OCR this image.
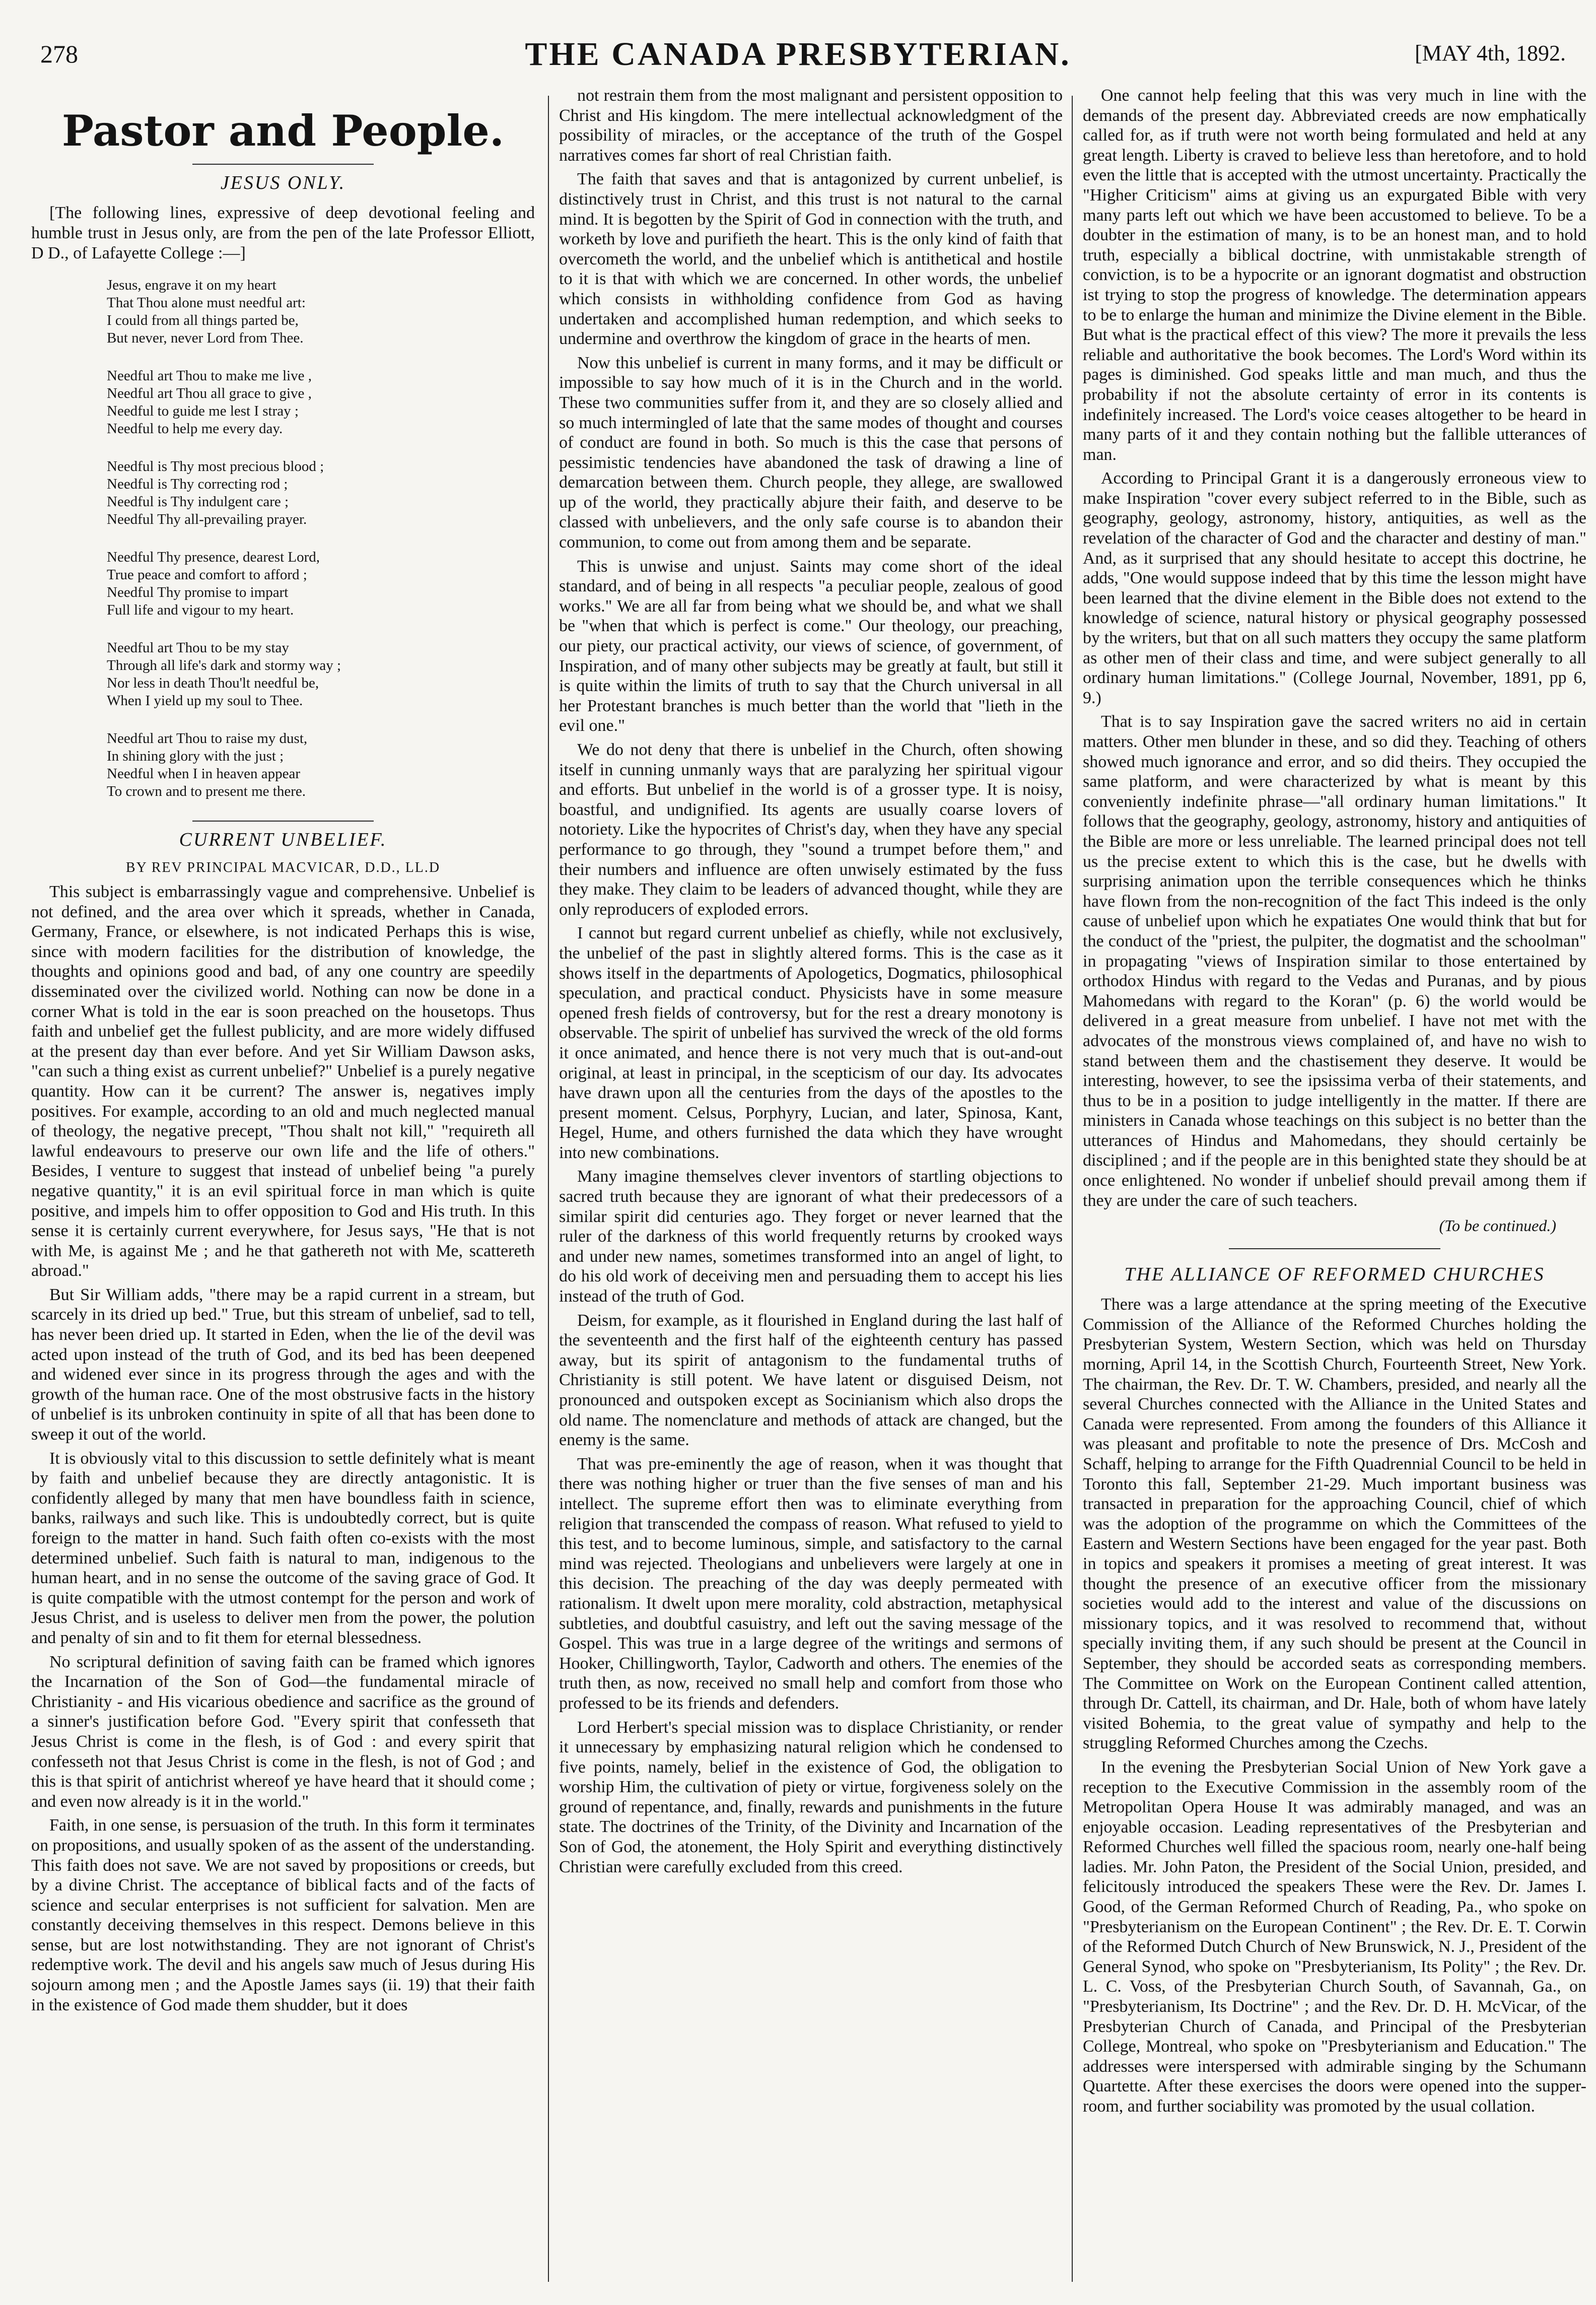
278	THE CANADA PRESBYTERIAN.	[MAY 4th, 1892.
Pastor and People.
JESUS ONLY.
[The following lines, expressive of deep devotional feeling and humble trust in Jesus only, are from the pen of the late Professor Elliott, D D., of Lafayette College :—]
Jesus, engrave it on my heart
That Thou alone must needful art:
I could from all things parted be,
But never, never Lord from Thee.
Needful art Thou to make me live ,
Needful art Thou all grace to give ,
Needful to guide me lest I stray ;
Needful to help me every day.
Needful is Thy most precious blood ;
Needful is Thy correcting rod ;
Needful is Thy indulgent care ;
Needful Thy all-prevailing prayer.
Needful Thy presence, dearest Lord,
True peace and comfort to afford ;
Needful Thy promise to impart
Full life and vigour to my heart.
Needful art Thou to be my stay
Through all life's dark and stormy way ;
Nor less in death Thou'lt needful be,
When I yield up my soul to Thee.
Needful art Thou to raise my dust,
In shining glory with the just ;
Needful when I in heaven appear
To crown and to present me there.
CURRENT UNBELIEF.
BY REV PRINCIPAL MACVICAR, D.D., LL.D

This subject is embarrassingly vague and comprehensive. Unbelief is not defined, and the area over which it spreads, whether in Canada, Germany, France, or elsewhere, is not indicated Perhaps this is wise, since with modern facilities for the distribution of knowledge, the thoughts and opinions good and bad, of any one country are speedily disseminated over the civilized world. Nothing can now be done in a corner What is told in the ear is soon preached on the housetops. Thus faith and unbelief get the fullest publicity, and are more widely diffused at the present day than ever before. And yet Sir William Dawson asks, "can such a thing exist as current unbelief?" Unbelief is a purely negative quantity. How can it be current? The answer is, negatives imply positives. For example, according to an old and much neglected manual of theology, the negative precept, "Thou shalt not kill," "requireth all lawful endeavours to preserve our own life and the life of others." Besides, I venture to suggest that instead of unbelief being "a purely negative quantity," it is an evil spiritual force in man which is quite positive, and impels him to offer opposition to God and His truth. In this sense it is certainly current everywhere, for Jesus says, "He that is not with Me, is against Me ; and he that gathereth not with Me, scattereth abroad."

But Sir William adds, "there may be a rapid current in a stream, but scarcely in its dried up bed." True, but this stream of unbelief, sad to tell, has never been dried up. It started in Eden, when the lie of the devil was acted upon instead of the truth of God, and its bed has been deepened and widened ever since in its progress through the ages and with the growth of the human race. One of the most obstrusive facts in the history of unbelief is its unbroken continuity in spite of all that has been done to sweep it out of the world.

It is obviously vital to this discussion to settle definitely what is meant by faith and unbelief because they are directly antagonistic. It is confidently alleged by many that men have boundless faith in science, banks, railways and such like. This is undoubtedly correct, but is quite foreign to the matter in hand. Such faith often co-exists with the most determined unbelief. Such faith is natural to man, indigenous to the human heart, and in no sense the outcome of the saving grace of God. It is quite compatible with the utmost contempt for the person and work of Jesus Christ, and is useless to deliver men from the power, the polution and penalty of sin and to fit them for eternal blessedness.

No scriptural definition of saving faith can be framed which ignores the Incarnation of the Son of God—the fundamental miracle of Christianity - and His vicarious obedience and sacrifice as the ground of a sinner's justification before God. "Every spirit that confesseth that Jesus Christ is come in the flesh, is of God : and every spirit that confesseth not that Jesus Christ is come in the flesh, is not of God ; and this is that spirit of antichrist whereof ye have heard that it should come ; and even now already is it in the world."

Faith, in one sense, is persuasion of the truth. In this form it terminates on propositions, and usually spoken of as the assent of the understanding. This faith does not save. We are not saved by propositions or creeds, but by a divine Christ. The acceptance of biblical facts and of the facts of science and secular enterprises is not sufficient for salvation. Men are constantly deceiving themselves in this respect. Demons believe in this sense, but are lost notwithstanding. They are not ignorant of Christ's redemptive work. The devil and his angels saw much of Jesus during His sojourn among men ; and the Apostle James says (ii. 19) that their faith in the existence of God made them shudder, but it does

not restrain them from the most malignant and persistent opposition to Christ and His kingdom. The mere intellectual acknowledgment of the possibility of miracles, or the acceptance of the truth of the Gospel narratives comes far short of real Christian faith.

The faith that saves and that is antagonized by current unbelief, is distinctively trust in Christ, and this trust is not natural to the carnal mind. It is begotten by the Spirit of God in connection with the truth, and worketh by love and purifieth the heart. This is the only kind of faith that overcometh the world, and the unbelief which is antithetical and hostile to it is that with which we are concerned. In other words, the unbelief which consists in withholding confidence from God as having undertaken and accomplished human redemption, and which seeks to undermine and overthrow the kingdom of grace in the hearts of men.

Now this unbelief is current in many forms, and it may be difficult or impossible to say how much of it is in the Church and in the world. These two communities suffer from it, and they are so closely allied and so much intermingled of late that the same modes of thought and courses of conduct are found in both. So much is this the case that persons of pessimistic tendencies have abandoned the task of drawing a line of demarcation between them. Church people, they allege, are swallowed up of the world, they practically abjure their faith, and deserve to be classed with unbelievers, and the only safe course is to abandon their communion, to come out from among them and be separate.

This is unwise and unjust. Saints may come short of the ideal standard, and of being in all respects "a peculiar people, zealous of good works." We are all far from being what we should be, and what we shall be "when that which is perfect is come." Our theology, our preaching, our piety, our practical activity, our views of science, of government, of Inspiration, and of many other subjects may be greatly at fault, but still it is quite within the limits of truth to say that the Church universal in all her Protestant branches is much better than the world that "lieth in the evil one."

We do not deny that there is unbelief in the Church, often showing itself in cunning unmanly ways that are paralyzing her spiritual vigour and efforts. But unbelief in the world is of a grosser type. It is noisy, boastful, and undignified. Its agents are usually coarse lovers of notoriety. Like the hypocrites of Christ's day, when they have any special performance to go through, they "sound a trumpet before them," and their numbers and influence are often unwisely estimated by the fuss they make. They claim to be leaders of advanced thought, while they are only reproducers of exploded errors.

I cannot but regard current unbelief as chiefly, while not exclusively, the unbelief of the past in slightly altered forms. This is the case as it shows itself in the departments of Apologetics, Dogmatics, philosophical speculation, and practical conduct. Physicists have in some measure opened fresh fields of controversy, but for the rest a dreary monotony is observable. The spirit of unbelief has survived the wreck of the old forms it once animated, and hence there is not very much that is out-and-out original, at least in principal, in the scepticism of our day. Its advocates have drawn upon all the centuries from the days of the apostles to the present moment. Celsus, Porphyry, Lucian, and later, Spinosa, Kant, Hegel, Hume, and others furnished the data which they have wrought into new combinations.

Many imagine themselves clever inventors of startling objections to sacred truth because they are ignorant of what their predecessors of a similar spirit did centuries ago. They forget or never learned that the ruler of the darkness of this world frequently returns by crooked ways and under new names, sometimes transformed into an angel of light, to do his old work of deceiving men and persuading them to accept his lies instead of the truth of God.

Deism, for example, as it flourished in England during the last half of the seventeenth and the first half of the eighteenth century has passed away, but its spirit of antagonism to the fundamental truths of Christianity is still potent. We have latent or disguised Deism, not pronounced and outspoken except as Socinianism which also drops the old name. The nomenclature and methods of attack are changed, but the enemy is the same.

That was pre-eminently the age of reason, when it was thought that there was nothing higher or truer than the five senses of man and his intellect. The supreme effort then was to eliminate everything from religion that transcended the compass of reason. What refused to yield to this test, and to become luminous, simple, and satisfactory to the carnal mind was rejected. Theologians and unbelievers were largely at one in this decision. The preaching of the day was deeply permeated with rationalism. It dwelt upon mere morality, cold abstraction, metaphysical subtleties, and doubtful casuistry, and left out the saving message of the Gospel. This was true in a large degree of the writings and sermons of Hooker, Chillingworth, Taylor, Cadworth and others. The enemies of the truth then, as now, received no small help and comfort from those who professed to be its friends and defenders.

Lord Herbert's special mission was to displace Christianity, or render it unnecessary by emphasizing natural religion which he condensed to five points, namely, belief in the existence of God, the obligation to worship Him, the cultivation of piety or virtue, forgiveness solely on the ground of repentance, and, finally, rewards and punishments in the future state. The doctrines of the Trinity, of the Divinity and Incarnation of the Son of God, the atonement, the Holy Spirit and everything distinctively Christian were carefully excluded from this creed.

One cannot help feeling that this was very much in line with the demands of the present day. Abbreviated creeds are now emphatically called for, as if truth were not worth being formulated and held at any great length. Liberty is craved to believe less than heretofore, and to hold even the little that is accepted with the utmost uncertainty. Practically the "Higher Criticism" aims at giving us an expurgated Bible with very many parts left out which we have been accustomed to believe. To be a doubter in the estimation of many, is to be an honest man, and to hold truth, especially a biblical doctrine, with unmistakable strength of conviction, is to be a hypocrite or an ignorant dogmatist and obstruction ist trying to stop the progress of knowledge. The determination appears to be to enlarge the human and minimize the Divine element in the Bible. But what is the practical effect of this view? The more it prevails the less reliable and authoritative the book becomes. The Lord's Word within its pages is diminished. God speaks little and man much, and thus the probability if not the absolute certainty of error in its contents is indefinitely increased. The Lord's voice ceases altogether to be heard in many parts of it and they contain nothing but the fallible utterances of man.

According to Principal Grant it is a dangerously erroneous view to make Inspiration "cover every subject referred to in the Bible, such as geography, geology, astronomy, history, antiquities, as well as the revelation of the character of God and the character and destiny of man." And, as it surprised that any should hesitate to accept this doctrine, he adds, "One would suppose indeed that by this time the lesson might have been learned that the divine element in the Bible does not extend to the knowledge of science, natural history or physical geography possessed by the writers, but that on all such matters they occupy the same platform as other men of their class and time, and were subject generally to all ordinary human limitations." (College Journal, November, 1891, pp 6, 9.)

That is to say Inspiration gave the sacred writers no aid in certain matters. Other men blunder in these, and so did they. Teaching of others showed much ignorance and error, and so did theirs. They occupied the same platform, and were characterized by what is meant by this conveniently indefinite phrase—"all ordinary human limitations." It follows that the geography, geology, astronomy, history and antiquities of the Bible are more or less unreliable. The learned principal does not tell us the precise extent to which this is the case, but he dwells with surprising animation upon the terrible consequences which he thinks have flown from the non-recognition of the fact This indeed is the only cause of unbelief upon which he expatiates One would think that but for the conduct of the "priest, the pulpiter, the dogmatist and the schoolman" in propagating "views of Inspiration similar to those entertained by orthodox Hindus with regard to the Vedas and Puranas, and by pious Mahomedans with regard to the Koran" (p. 6) the world would be delivered in a great measure from unbelief. I have not met with the advocates of the monstrous views complained of, and have no wish to stand between them and the chastisement they deserve. It would be interesting, however, to see the ipsissima verba of their statements, and thus to be in a position to judge intelligently in the matter. If there are ministers in Canada whose teachings on this subject is no better than the utterances of Hindus and Mahomedans, they should certainly be disciplined ; and if the people are in this benighted state they should be at once enlightened. No wonder if unbelief should prevail among them if they are under the care of such teachers.

(To be continued.)
THE ALLIANCE OF REFORMED CHURCHES

There was a large attendance at the spring meeting of the Executive Commission of the Alliance of the Reformed Churches holding the Presbyterian System, Western Section, which was held on Thursday morning, April 14, in the Scottish Church, Fourteenth Street, New York. The chairman, the Rev. Dr. T. W. Chambers, presided, and nearly all the several Churches connected with the Alliance in the United States and Canada were represented. From among the founders of this Alliance it was pleasant and profitable to note the presence of Drs. McCosh and Schaff, helping to arrange for the Fifth Quadrennial Council to be held in Toronto this fall, September 21-29. Much important business was transacted in preparation for the approaching Council, chief of which was the adoption of the programme on which the Committees of the Eastern and Western Sections have been engaged for the year past. Both in topics and speakers it promises a meeting of great interest. It was thought the presence of an executive officer from the missionary societies would add to the interest and value of the discussions on missionary topics, and it was resolved to recommend that, without specially inviting them, if any such should be present at the Council in September, they should be accorded seats as corresponding members. The Committee on Work on the European Continent called attention, through Dr. Cattell, its chairman, and Dr. Hale, both of whom have lately visited Bohemia, to the great value of sympathy and help to the struggling Reformed Churches among the Czechs.

In the evening the Presbyterian Social Union of New York gave a reception to the Executive Commission in the assembly room of the Metropolitan Opera House It was admirably managed, and was an enjoyable occasion. Leading representatives of the Presbyterian and Reformed Churches well filled the spacious room, nearly one-half being ladies. Mr. John Paton, the President of the Social Union, presided, and felicitously introduced the speakers These were the Rev. Dr. James I. Good, of the German Reformed Church of Reading, Pa., who spoke on "Presbyterianism on the European Continent" ; the Rev. Dr. E. T. Corwin of the Reformed Dutch Church of New Brunswick, N. J., President of the General Synod, who spoke on "Presbyterianism, Its Polity" ; the Rev. Dr. L. C. Voss, of the Presbyterian Church South, of Savannah, Ga., on "Presbyterianism, Its Doctrine" ; and the Rev. Dr. D. H. McVicar, of the Presbyterian Church of Canada, and Principal of the Presbyterian College, Montreal, who spoke on "Presbyterianism and Education." The addresses were interspersed with admirable singing by the Schumann Quartette. After these exercises the doors were opened into the supper-room, and further sociability was promoted by the usual collation.
